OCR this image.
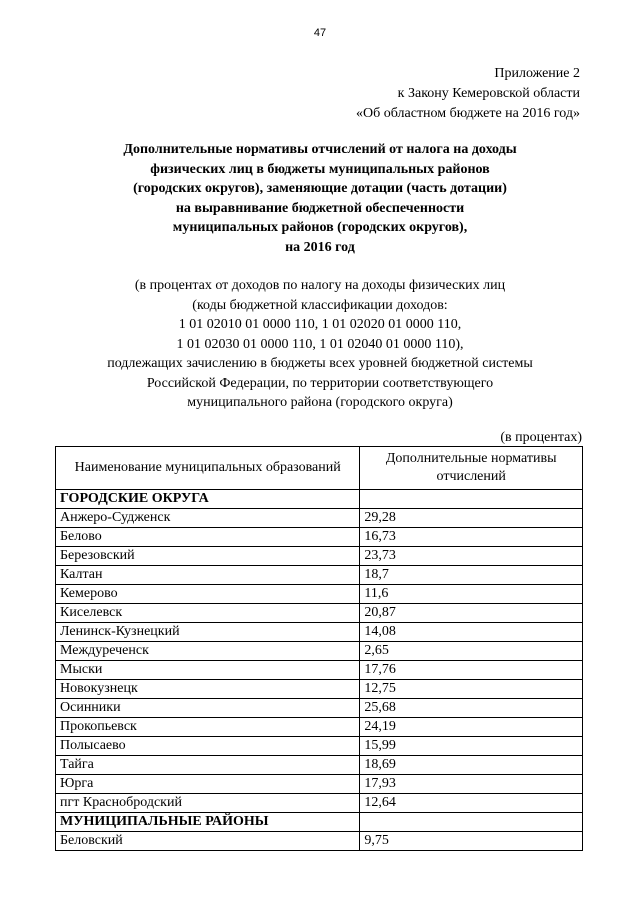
47
Приложение 2
к Закону Кемеровской области
«Об областном бюджете на 2016 год»
Дополнительные нормативы отчислений от налога на доходы
физических лиц в бюджеты муниципальных районов
(городских округов), заменяющие дотации (часть дотации)
на выравнивание бюджетной обеспеченности
муниципальных районов (городских округов),
на 2016 год
(в процентах от доходов по налогу на доходы физических лиц
(коды бюджетной классификации доходов:
1 01 02010 01 0000 110, 1 01 02020 01 0000 110,
1 01 02030 01 0000 110, 1 01 02040 01 0000 110),
подлежащих зачислению в бюджеты всех уровней бюджетной системы
Российской Федерации, по территории соответствующего
муниципального района (городского округа)
(в процентах)
Наименование муниципальных образований	Дополнительные нормативы
отчислений
ГОРОДСКИЕ ОКРУГА	
Анжеро-Судженск	29,28
Белово	16,73
Березовский	23,73
Калтан	18,7
Кемерово	11,6
Киселевск	20,87
Ленинск-Кузнецкий	14,08
Междуреченск	2,65
Мыски	17,76
Новокузнецк	12,75
Осинники	25,68
Прокопьевск	24,19
Полысаево	15,99
Тайга	18,69
Юрга	17,93
пгт Краснобродский	12,64
МУНИЦИПАЛЬНЫЕ РАЙОНЫ	
Беловский	9,75
